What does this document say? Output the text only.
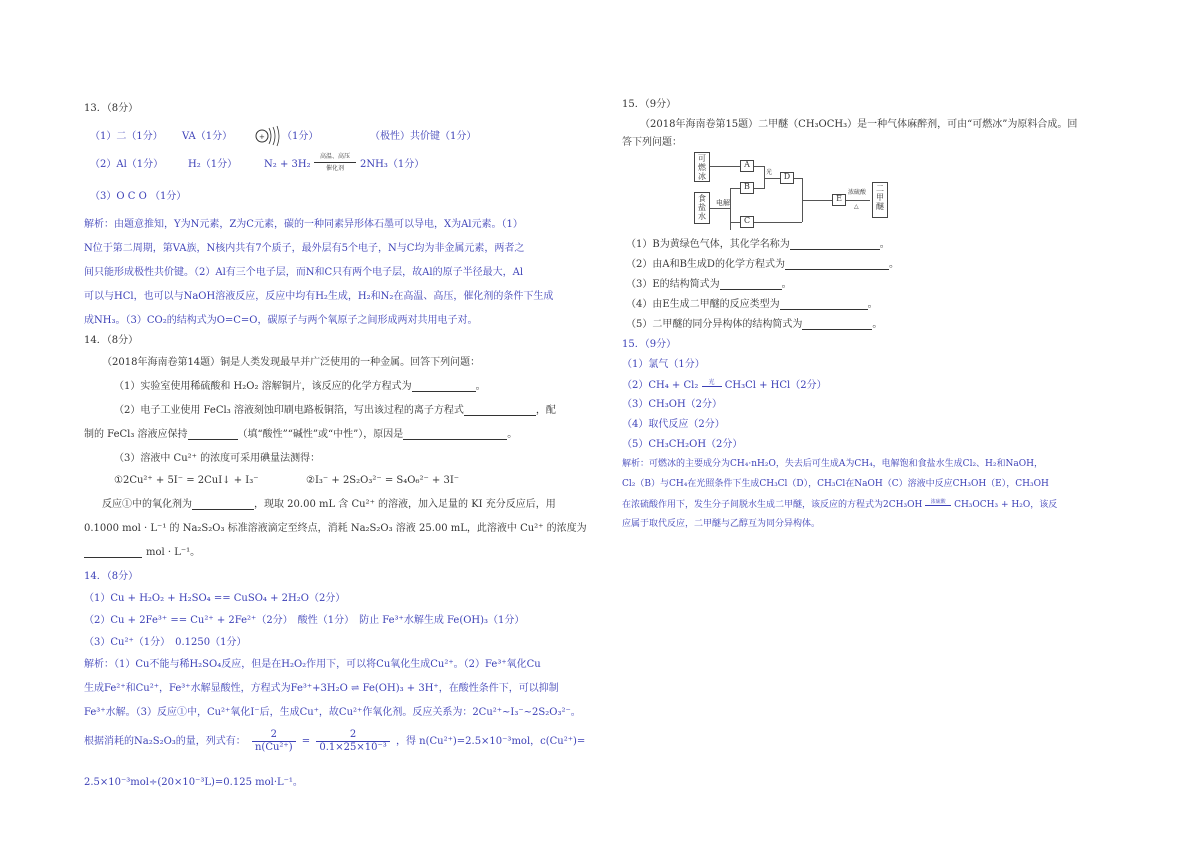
13．（8分）
（1）二（1分） VA（1分）	+ （1分）	（极性）共价键（1分）
（2）Al（1分） H₂（1分）	N₂ + 3H₂
高温、高压
催化剂	2NH₃（1分）
（3）O C O （1分）
解析：由题意推知，Y为N元素，Z为C元素，碳的一种同素异形体石墨可以导电，X为Al元素。（1）
N位于第二周期，第VA族，N核内共有7个质子，最外层有5个电子，N与C均为非金属元素，两者之
间只能形成极性共价键。（2）Al有三个电子层，而N和C只有两个电子层，故Al的原子半径最大，Al
可以与HCl，也可以与NaOH溶液反应，反应中均有H₂生成，H₂和N₂在高温、高压，催化剂的条件下生成
成NH₃。（3）CO₂的结构式为O=C=O，碳原子与两个氧原子之间形成两对共用电子对。
14．（8分）
（2018年海南卷第14题）铜是人类发现最早并广泛使用的一种金属。回答下列问题：
（1）实验室使用稀硫酸和 H₂O₂ 溶解铜片，该反应的化学方程式为	。
（2）电子工业使用 FeCl₃ 溶液刻蚀印刷电路板铜箔，写出该过程的离子方程式	，配
制的 FeCl₃ 溶液应保持	（填“酸性”“碱性”或“中性”），原因是	。
（3）溶液中 Cu²⁺ 的浓度可采用碘量法测得：
①2Cu²⁺ + 5I⁻ = 2CuI↓ + I₃⁻	②I₃⁻ + 2S₂O₃²⁻ = S₄O₆²⁻ + 3I⁻
反应①中的氧化剂为	，现取 20.00 mL 含 Cu²⁺ 的溶液，加入足量的 KI 充分反应后，用
0.1000 mol · L⁻¹ 的 Na₂S₂O₃ 标准溶液滴定至终点，消耗 Na₂S₂O₃ 溶液 25.00 mL，此溶液中 Cu²⁺ 的浓度为
mol · L⁻¹。
14．（8分）
（1）Cu + H₂O₂ + H₂SO₄ == CuSO₄ + 2H₂O（2分）
（2）Cu + 2Fe³⁺ == Cu²⁺ + 2Fe²⁺（2分）　酸性（1分）　防止 Fe³⁺水解生成 Fe(OH)₃（1分）
（3）Cu²⁺（1分）　0.1250（1分）
解析：（1）Cu不能与稀H₂SO₄反应，但是在H₂O₂作用下，可以将Cu氧化生成Cu²⁺。（2）Fe³⁺氧化Cu
生成Fe²⁺和Cu²⁺，Fe³⁺水解显酸性，方程式为Fe³⁺+3H₂O ⇌ Fe(OH)₃ + 3H⁺，在酸性条件下，可以抑制
Fe³⁺水解。（3）反应①中，Cu²⁺氧化I⁻后，生成Cu⁺，故Cu²⁺作氧化剂。反应关系为：2Cu²⁺~I₃⁻~2S₂O₃²⁻。
根据消耗的Na₂S₂O₃的量，列式有： $\frac{2}{\text{n(Cu²⁺)}} = \frac{2}{\text{0.1×25×10⁻³}}$ ，得 n(Cu²⁺)=2.5×10⁻³mol，c(Cu²⁺)=
2.5×10⁻³mol÷(20×10⁻³L)=0.125 mol·L⁻¹。
15．（9分）
（2018年海南卷第15题）二甲醚（CH₃OCH₃）是一种气体麻醉剂，可由“可燃冰”为原料合成。回
答下列问题：
可燃冰
食盐水
A
电解
B
C
光	D
E
浓硫酸
△
二甲醚
（1）B为黄绿色气体，其化学名称为	。
（2）由A和B生成D的化学方程式为	。
（3）E的结构简式为	。
（4）由E生成二甲醚的反应类型为	。
（5）二甲醚的同分异构体的结构简式为	。
15．（9分）
（1）氯气（1分）
（2）CH₄ + Cl₂ 光 CH₃Cl + HCl（2分）
（3）CH₃OH（2分）
（4）取代反应（2分）
（5）CH₃CH₂OH（2分）
解析：可燃冰的主要成分为CH₄·nH₂O，失去后可生成A为CH₄，电解饱和食盐水生成Cl₂、H₂和NaOH，
Cl₂（B）与CH₄在光照条件下生成CH₃Cl（D），CH₃Cl在NaOH（C）溶液中反应CH₃OH（E），CH₃OH
在浓硫酸作用下，发生分子间脱水生成二甲醚，该反应的方程式为2CH₃OH 浓硫酸 CH₃OCH₃ + H₂O，该反
应属于取代反应，二甲醚与乙醇互为同分异构体。
